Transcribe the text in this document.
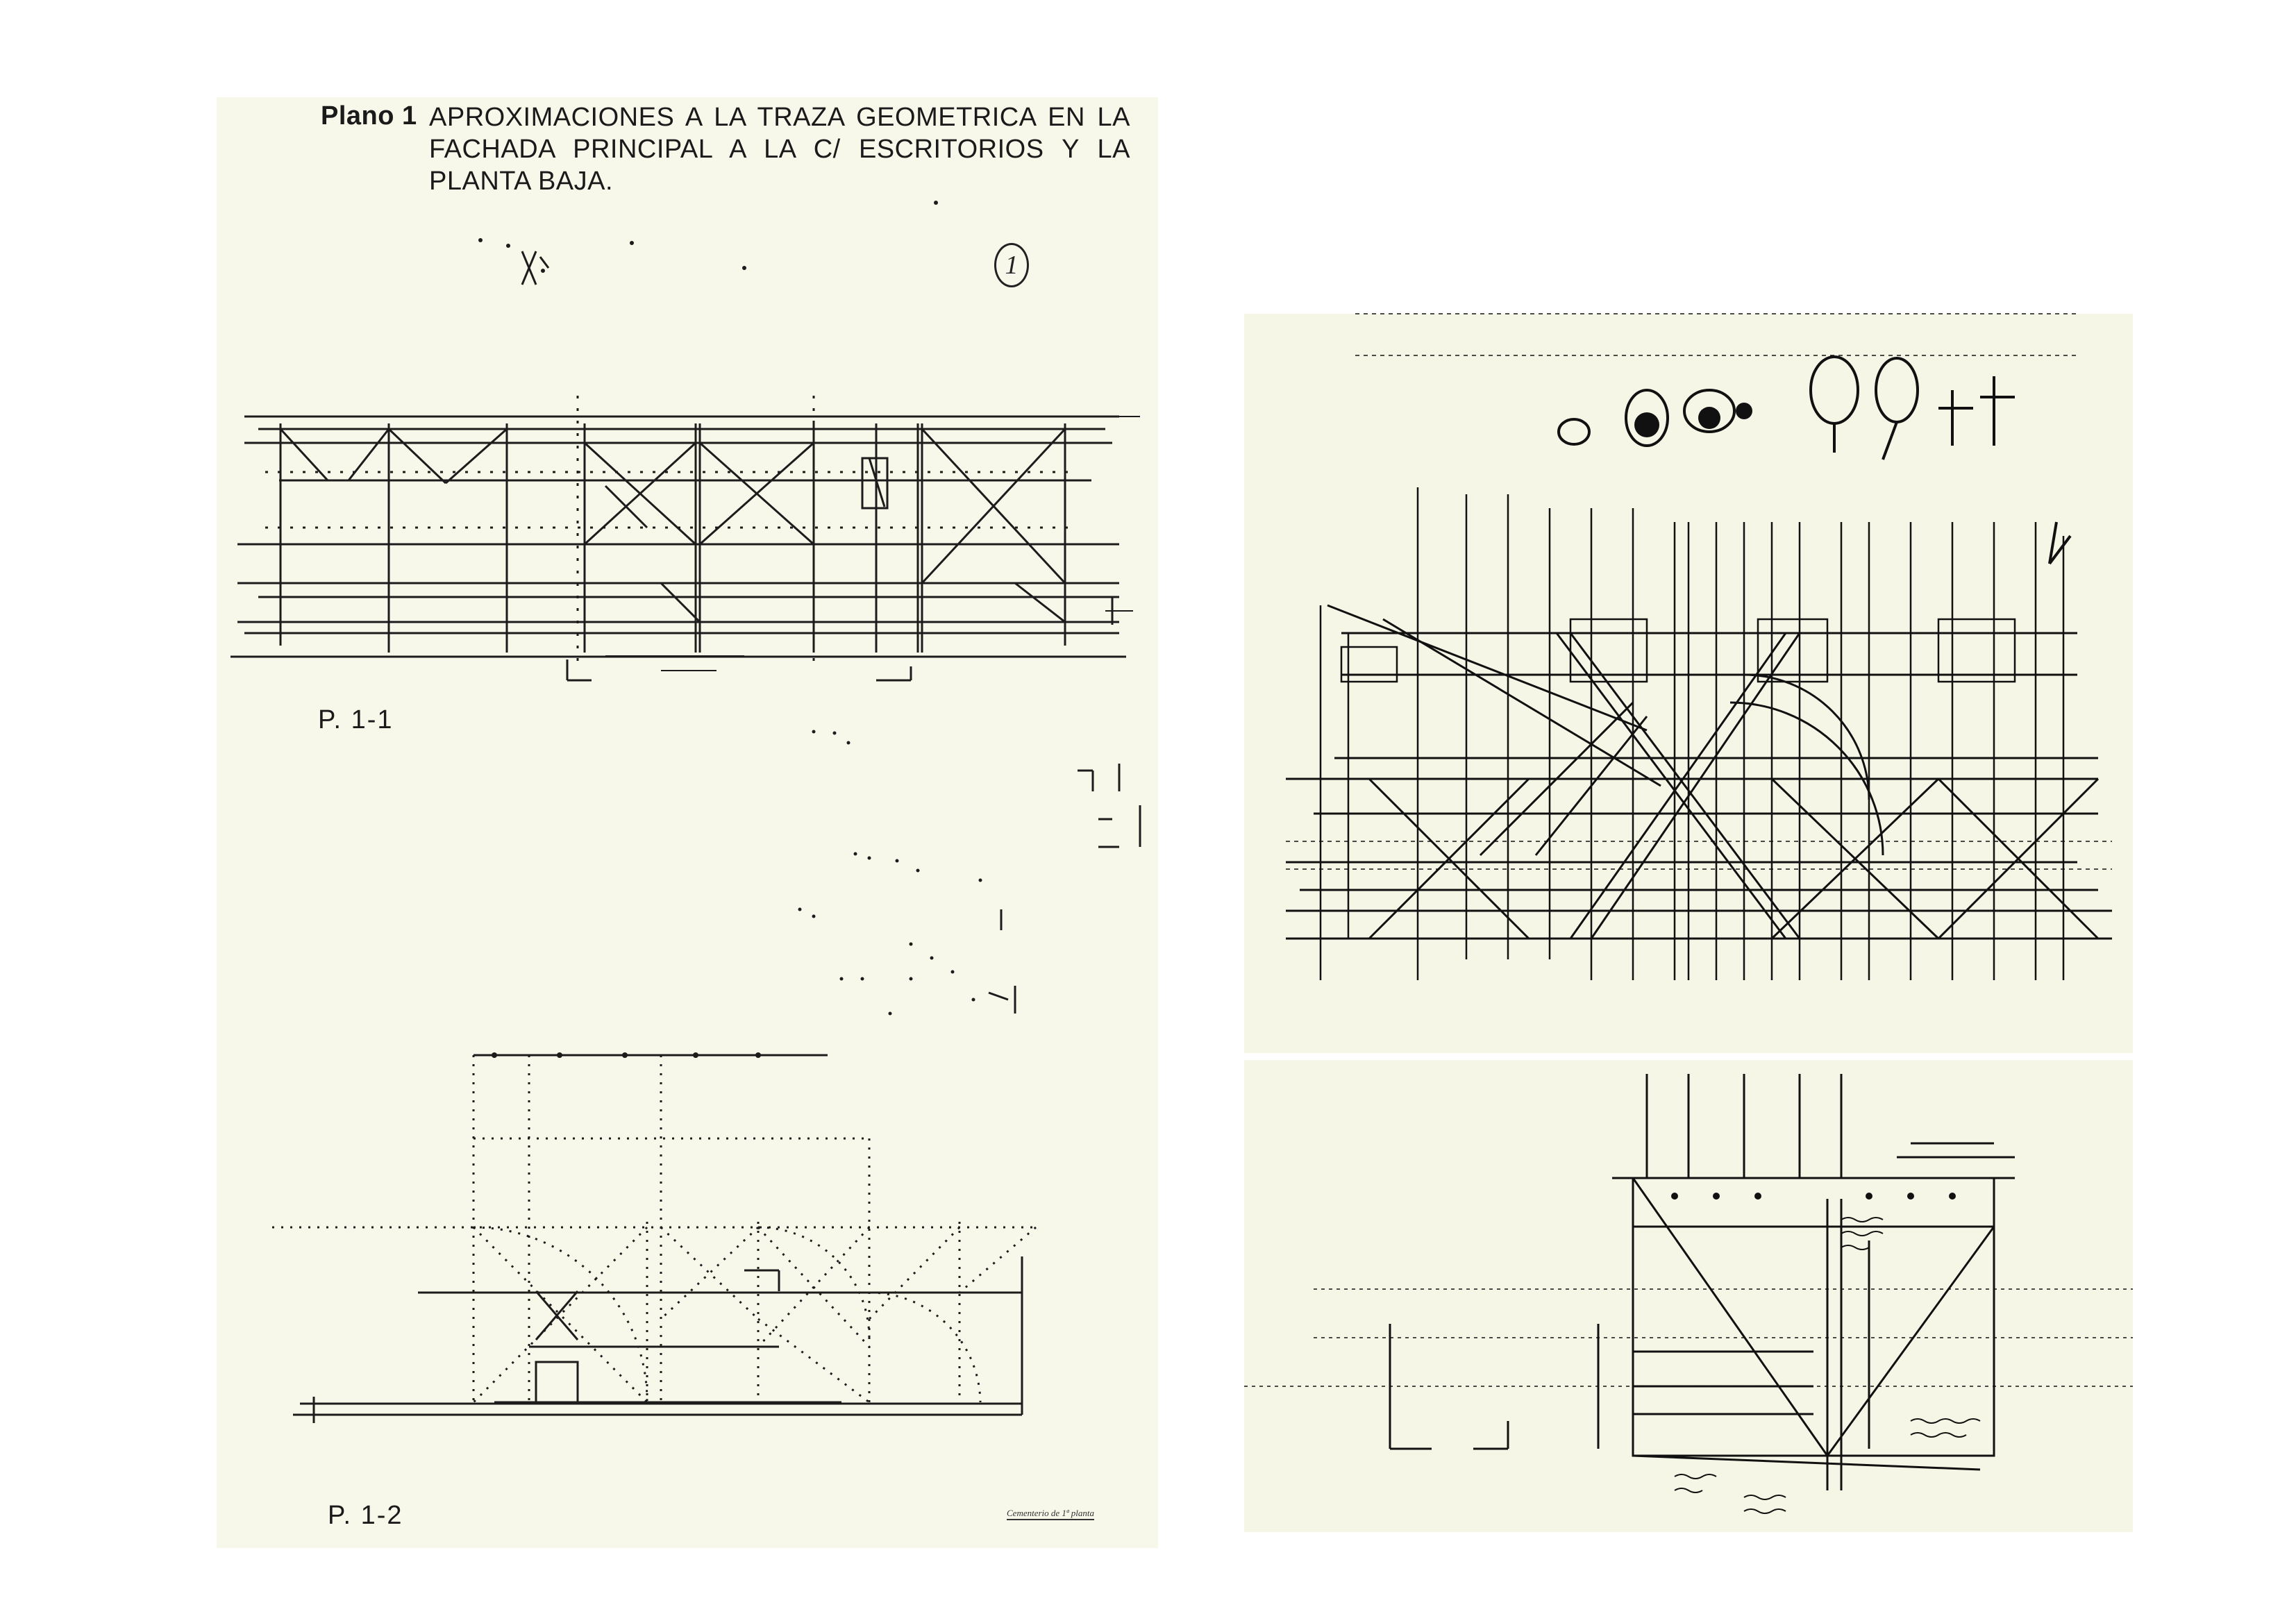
Plano 1 APROXIMACIONES A LA TRAZA GEOMETRICA EN LA FACHADA PRINCIPAL A LA C/ ESCRITORIOS Y LA PLANTA BAJA.
1
P. 1-1
P. 1-2	Cementerio de 1ª planta
